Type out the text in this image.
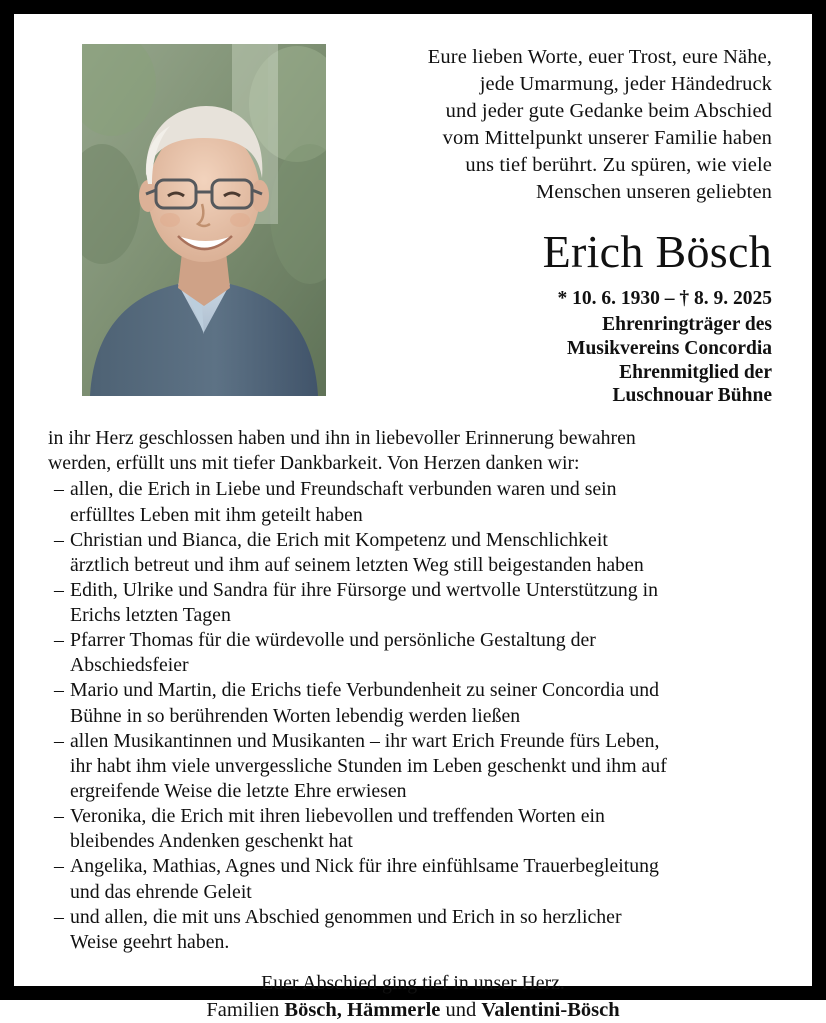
Eure lieben Worte, euer Trost, eure Nähe,
jede Umarmung, jeder Händedruck
und jeder gute Gedanke beim Abschied
vom Mittelpunkt unserer Familie haben
uns tief berührt. Zu spüren, wie viele
Menschen unseren geliebten
Erich Bösch
* 10. 6. 1930 – † 8. 9. 2025
Ehrenringträger des
Musikvereins Concordia
Ehrenmitglied der
Luschnouar Bühne
in ihr Herz geschlossen haben und ihn in liebevoller Erinnerung bewahren
werden, erfüllt uns mit tiefer Dankbarkeit. Von Herzen danken wir:
– allen, die Erich in Liebe und Freundschaft verbunden waren und sein
erfülltes Leben mit ihm geteilt haben
– Christian und Bianca, die Erich mit Kompetenz und Menschlichkeit
ärztlich betreut und ihm auf seinem letzten Weg still beigestanden haben
– Edith, Ulrike und Sandra für ihre Fürsorge und wertvolle Unterstützung in
Erichs letzten Tagen
– Pfarrer Thomas für die würdevolle und persönliche Gestaltung der
Abschiedsfeier
– Mario und Martin, die Erichs tiefe Verbundenheit zu seiner Concordia und
Bühne in so berührenden Worten lebendig werden ließen
– allen Musikantinnen und Musikanten – ihr wart Erich Freunde fürs Leben,
ihr habt ihm viele unvergessliche Stunden im Leben geschenkt und ihm auf
ergreifende Weise die letzte Ehre erwiesen
– Veronika, die Erich mit ihren liebevollen und treffenden Worten ein
bleibendes Andenken geschenkt hat
– Angelika, Mathias, Agnes und Nick für ihre einfühlsame Trauerbegleitung
und das ehrende Geleit
– und allen, die mit uns Abschied genommen und Erich in so herzlicher
Weise geehrt haben.
Euer Abschied ging tief in unser Herz.
Familien Bösch, Hämmerle und Valentini-Bösch
